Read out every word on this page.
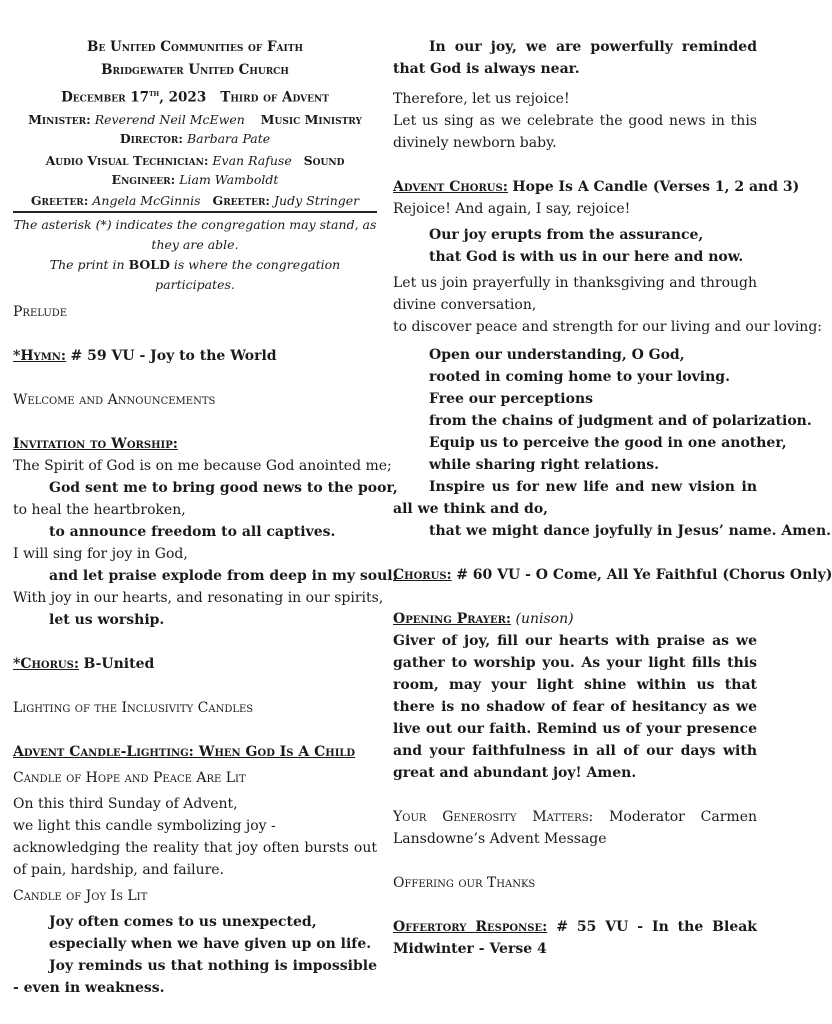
Be United Communities of Faith
Bridgewater United Church
December 17th, 2023 Third of Advent
Minister: Reverend Neil McEwen Music Ministry Director: Barbara Pate
Audio Visual Technician: Evan Rafuse Sound Engineer: Liam Wamboldt
Greeter: Angela McGinnis Greeter: Judy Stringer
The asterisk (*) indicates the congregation may stand, as they are able.
The print in BOLD is where the congregation participates.
Prelude
*Hymn: # 59 VU - Joy to the World
Welcome and Announcements
Invitation to Worship:
The Spirit of God is on me because God anointed me;
God sent me to bring good news to the poor,
to heal the heartbroken,
to announce freedom to all captives.
I will sing for joy in God,
and let praise explode from deep in my soul.
With joy in our hearts, and resonating in our spirits,
let us worship.
*Chorus: B-United
Lighting of the Inclusivity Candles
Advent Candle-Lighting: When God Is A Child
Candle of Hope and Peace Are Lit
On this third Sunday of Advent,
we light this candle symbolizing joy -
acknowledging the reality that joy often bursts out of pain, hardship, and failure.
Candle of Joy Is Lit
Joy often comes to us unexpected,
especially when we have given up on life.
Joy reminds us that nothing is impossible - even in weakness.
In our joy, we are powerfully reminded that God is always near.
Therefore, let us rejoice!
Let us sing as we celebrate the good news in this divinely newborn baby.
Advent Chorus: Hope Is A Candle (Verses 1, 2 and 3)
Rejoice! And again, I say, rejoice!
Our joy erupts from the assurance,
that God is with us in our here and now.
Let us join prayerfully in thanksgiving and through divine conversation,
to discover peace and strength for our living and our loving:
Open our understanding, O God,
rooted in coming home to your loving.
Free our perceptions
from the chains of judgment and of polarization.
Equip us to perceive the good in one another,
while sharing right relations.
Inspire us for new life and new vision in all we think and do,
that we might dance joyfully in Jesus’ name. Amen.
Chorus: # 60 VU - O Come, All Ye Faithful (Chorus Only)
Opening Prayer: (unison)
Giver of joy, fill our hearts with praise as we gather to worship you. As your light fills this room, may your light shine within us that there is no shadow of fear of hesitancy as we live out our faith. Remind us of your presence and your faithfulness in all of our days with great and abundant joy! Amen.
Your Generosity Matters: Moderator Carmen Lansdowne’s Advent Message
Offering our Thanks
Offertory Response: # 55 VU - In the Bleak Midwinter - Verse 4
